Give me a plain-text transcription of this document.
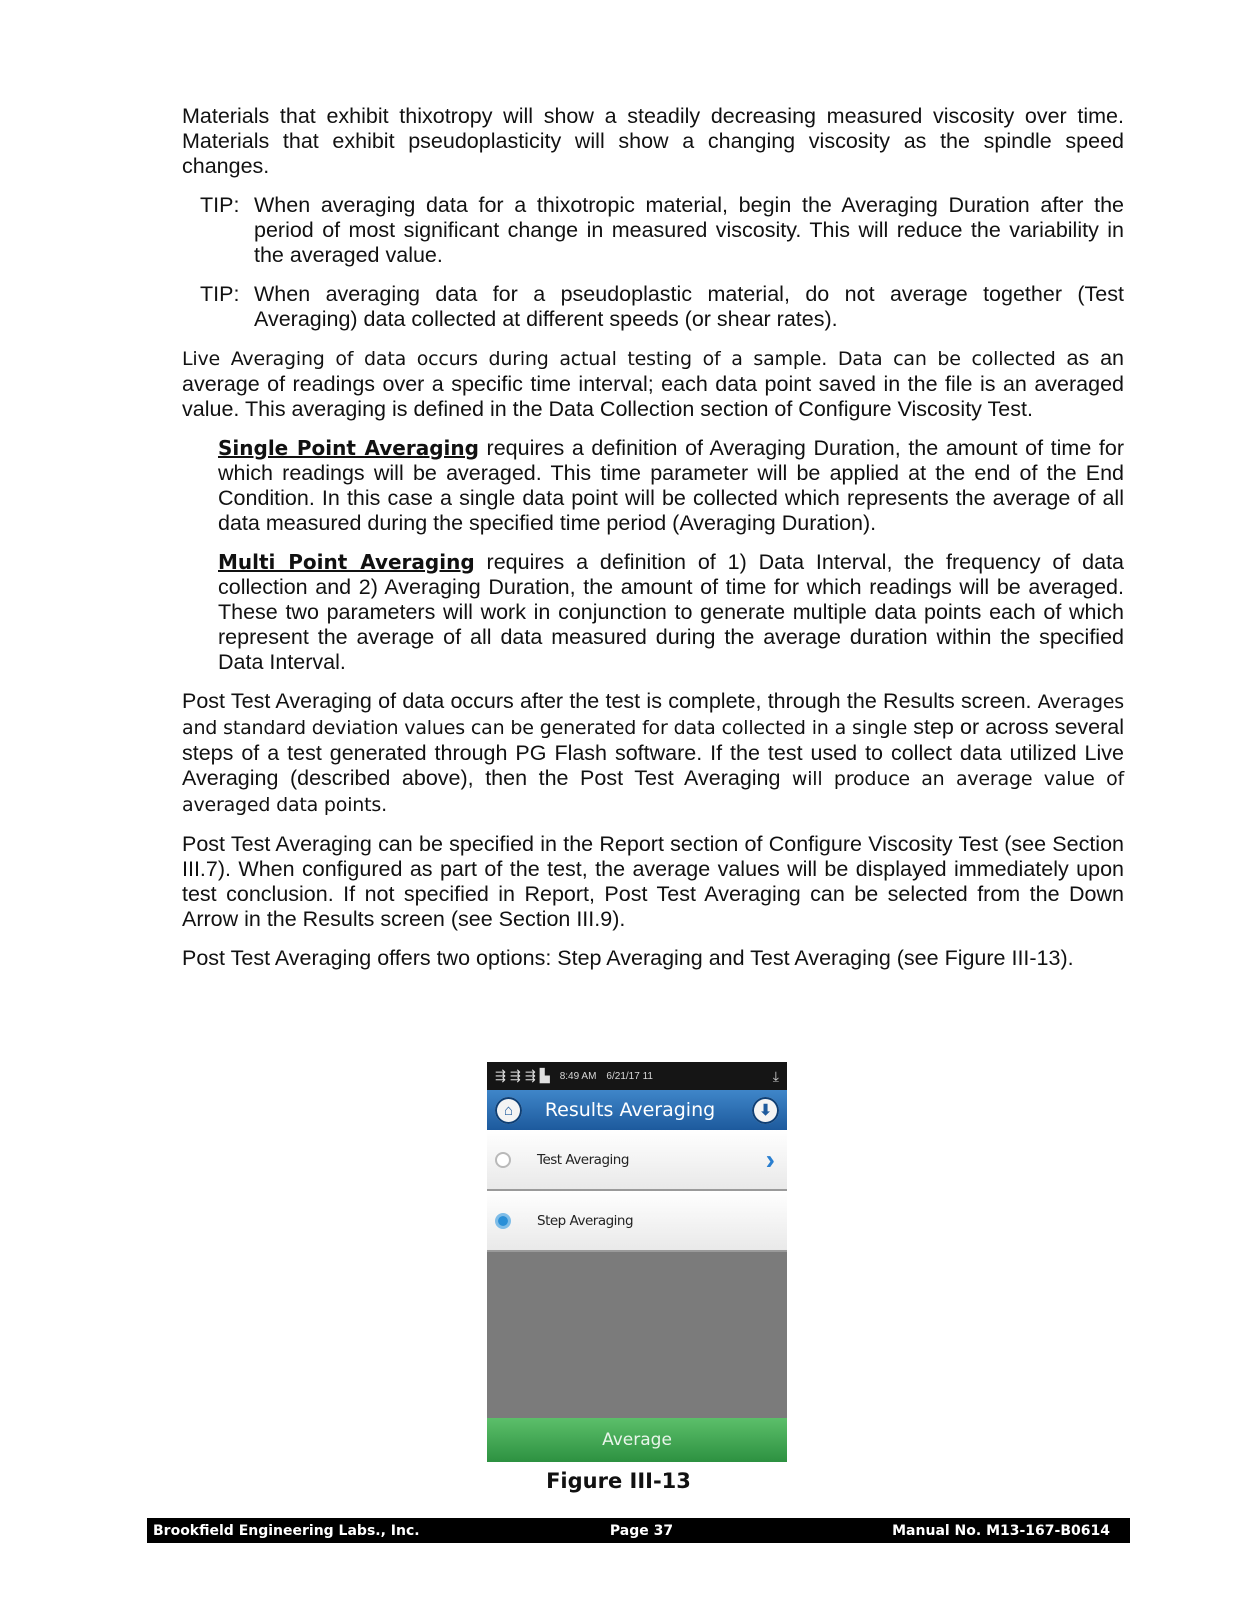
Materials that exhibit thixotropy will show a steadily decreasing measured viscosity over time. Materials that exhibit pseudoplasticity will show a changing viscosity as the spindle speed changes.

TIP: When averaging data for a thixotropic material, begin the Averaging Duration after the period of most significant change in measured viscosity. This will reduce the variability in the averaged value.

TIP: When averaging data for a pseudoplastic material, do not average together (Test Averaging) data collected at different speeds (or shear rates).

Live Averaging of data occurs during actual testing of a sample. Data can be collected as an average of readings over a specific time interval; each data point saved in the file is an averaged value. This averaging is defined in the Data Collection section of Configure Viscosity Test.

Single Point Averaging requires a definition of Averaging Duration, the amount of time for which readings will be averaged. This time parameter will be applied at the end of the End Condition. In this case a single data point will be collected which represents the average of all data measured during the specified time period (Averaging Duration).

Multi Point Averaging requires a definition of 1) Data Interval, the frequency of data collection and 2) Averaging Duration, the amount of time for which readings will be averaged. These two parameters will work in conjunction to generate multiple data points each of which represent the average of all data measured during the average duration within the specified Data Interval.

Post Test Averaging of data occurs after the test is complete, through the Results screen. Averages and standard deviation values can be generated for data collected in a single step or across several steps of a test generated through PG Flash software. If the test used to collect data utilized Live Averaging (described above), then the Post Test Averaging will produce an average value of averaged data points.

Post Test Averaging can be specified in the Report section of Configure Viscosity Test (see Section III.7). When configured as part of the test, the average values will be displayed immediately upon test conclusion. If not specified in Report, Post Test Averaging can be selected from the Down Arrow in the Results screen (see Section III.9).

Post Test Averaging offers two options: Step Averaging and Test Averaging (see Figure III-13).

⇶ ⇶ ⇶ ▙ 8:49 AM 6/21/17 11	⤓
⌂	Results Averaging	⬇
Test Averaging	›
Step Averaging
Average
Figure III-13
Brookfield Engineering Labs., Inc.	Page 37	Manual No. M13-167-B0614
